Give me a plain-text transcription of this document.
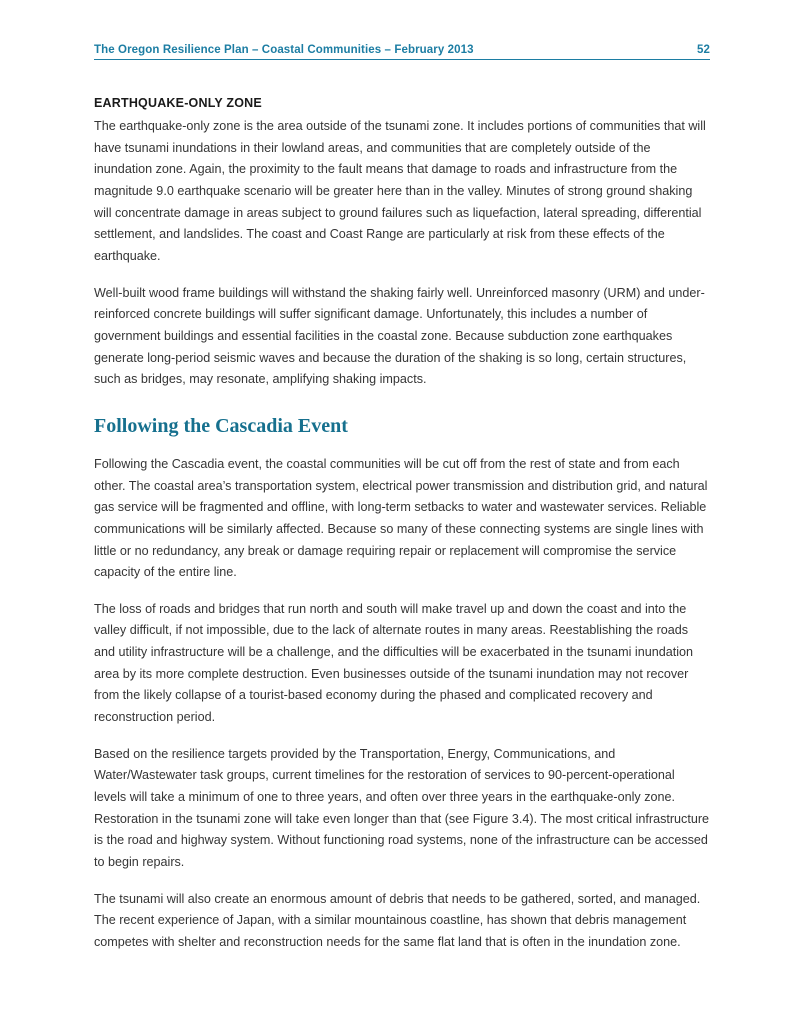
The Oregon Resilience Plan – Coastal Communities – February 2013	52
EARTHQUAKE-ONLY ZONE

The earthquake-only zone is the area outside of the tsunami zone. It includes portions of communities that will have tsunami inundations in their lowland areas, and communities that are completely outside of the inundation zone. Again, the proximity to the fault means that damage to roads and infrastructure from the magnitude 9.0 earthquake scenario will be greater here than in the valley. Minutes of strong ground shaking will concentrate damage in areas subject to ground failures such as liquefaction, lateral spreading, differential settlement, and landslides. The coast and Coast Range are particularly at risk from these effects of the earthquake.

Well-built wood frame buildings will withstand the shaking fairly well. Unreinforced masonry (URM) and under-reinforced concrete buildings will suffer significant damage. Unfortunately, this includes a number of government buildings and essential facilities in the coastal zone. Because subduction zone earthquakes generate long-period seismic waves and because the duration of the shaking is so long, certain structures, such as bridges, may resonate, amplifying shaking impacts.

Following the Cascadia Event

Following the Cascadia event, the coastal communities will be cut off from the rest of state and from each other. The coastal area’s transportation system, electrical power transmission and distribution grid, and natural gas service will be fragmented and offline, with long-term setbacks to water and wastewater services. Reliable communications will be similarly affected. Because so many of these connecting systems are single lines with little or no redundancy, any break or damage requiring repair or replacement will compromise the service capacity of the entire line.

The loss of roads and bridges that run north and south will make travel up and down the coast and into the valley difficult, if not impossible, due to the lack of alternate routes in many areas. Reestablishing the roads and utility infrastructure will be a challenge, and the difficulties will be exacerbated in the tsunami inundation area by its more complete destruction. Even businesses outside of the tsunami inundation may not recover from the likely collapse of a tourist-based economy during the phased and complicated recovery and reconstruction period.

Based on the resilience targets provided by the Transportation, Energy, Communications, and Water/Wastewater task groups, current timelines for the restoration of services to 90-percent-operational levels will take a minimum of one to three years, and often over three years in the earthquake-only zone. Restoration in the tsunami zone will take even longer than that (see Figure 3.4). The most critical infrastructure is the road and highway system. Without functioning road systems, none of the infrastructure can be accessed to begin repairs.

The tsunami will also create an enormous amount of debris that needs to be gathered, sorted, and managed. The recent experience of Japan, with a similar mountainous coastline, has shown that debris management competes with shelter and reconstruction needs for the same flat land that is often in the inundation zone.
